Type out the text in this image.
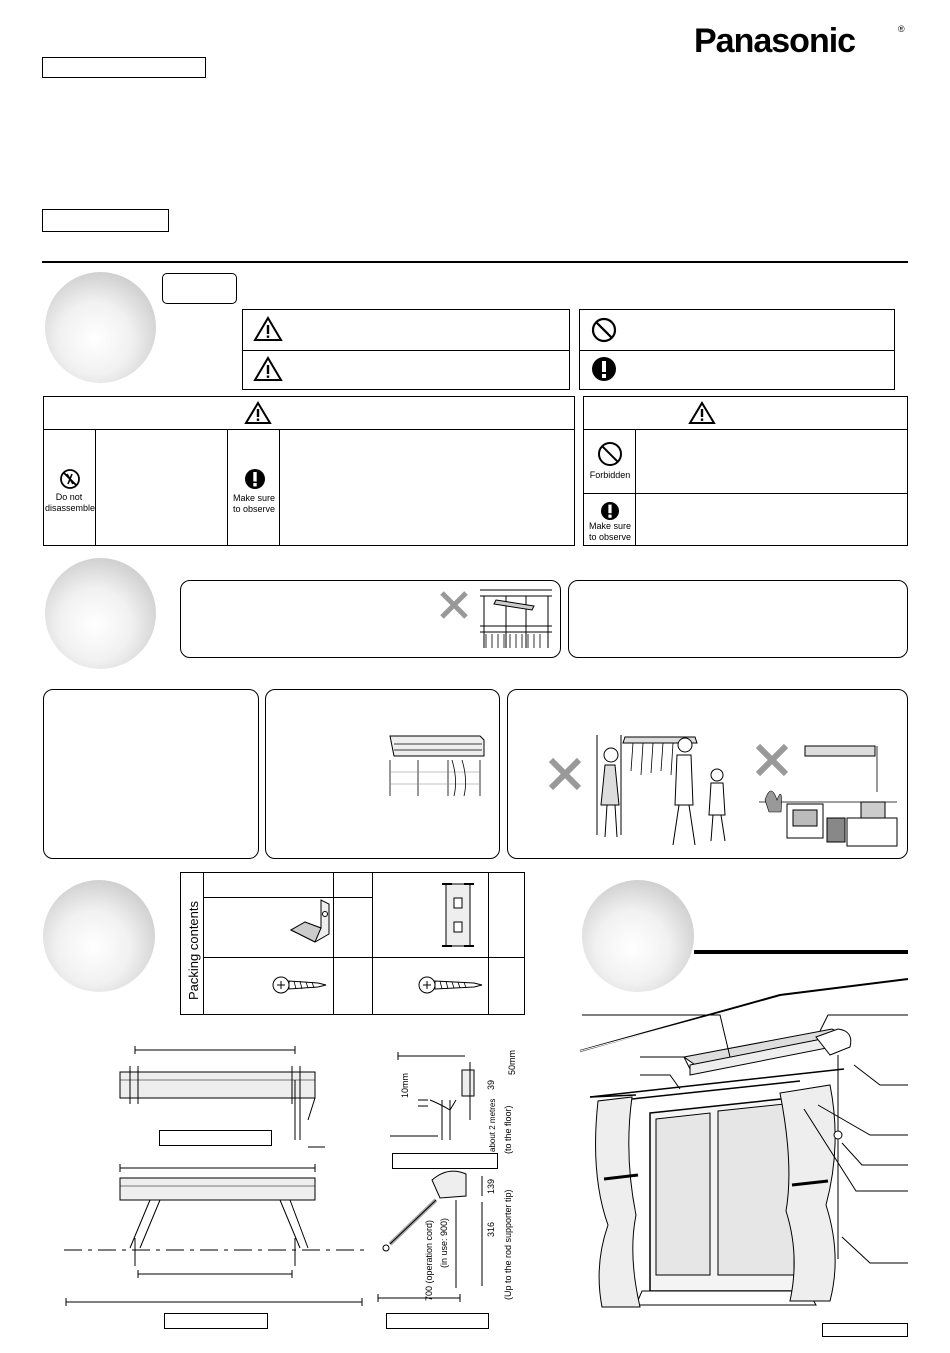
Panasonic	®
Do not disassemble
Make sure to observe
Forbidden
Make sure to observe
Packing contents
10mm
50mm
39
about 2 metres (to the floor)
139
316 (Up to the rod supporter tip)
700 (operation cord) (in use: 900)
